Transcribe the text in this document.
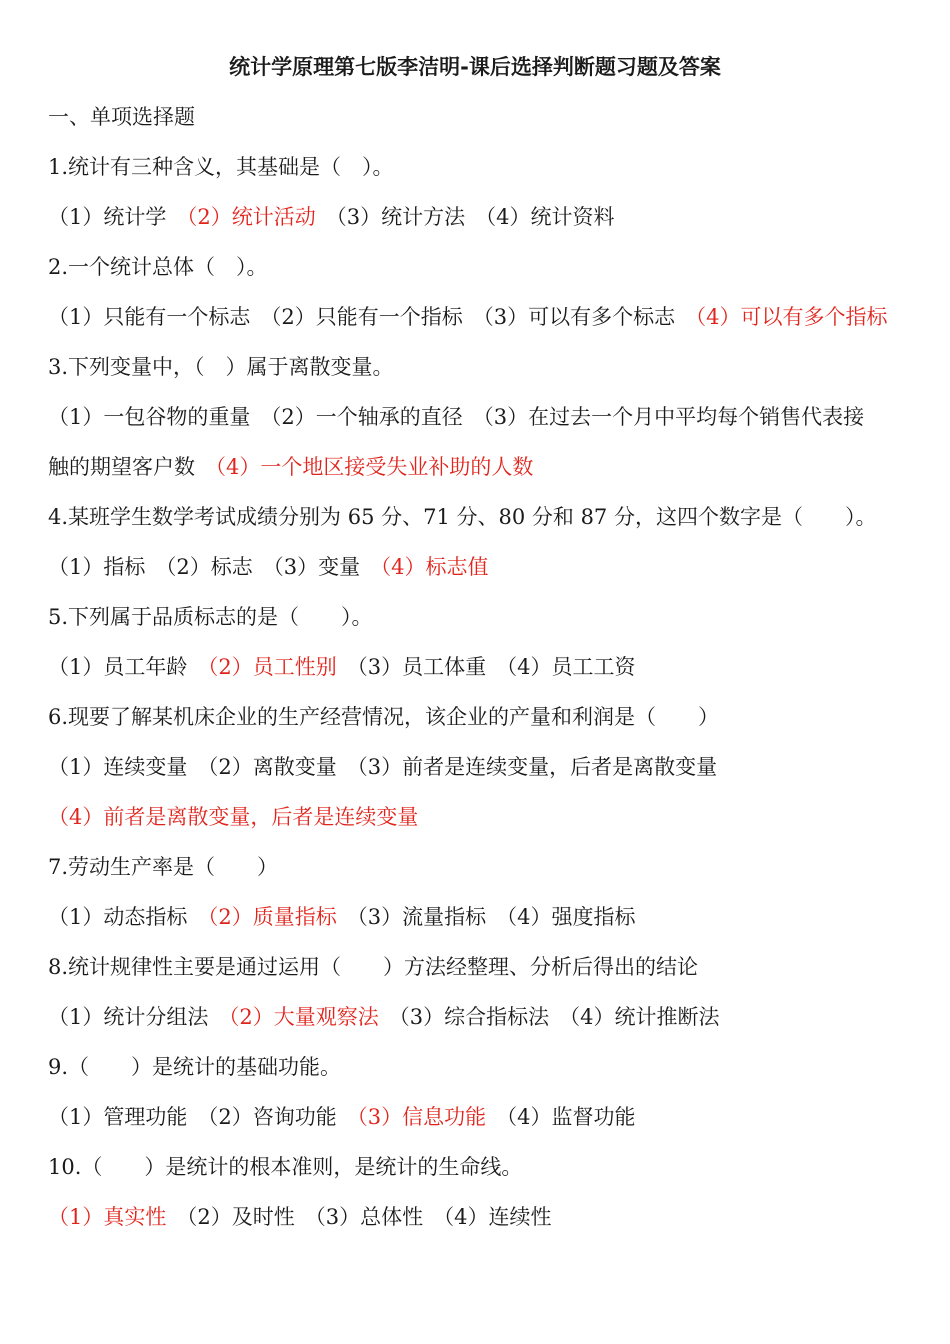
统计学原理第七版李洁明-课后选择判断题习题及答案
一、单项选择题
1.统计有三种含义，其基础是（　）。
（1）统计学 （2）统计活动 （3）统计方法 （4）统计资料
2.一个统计总体（　）。
（1）只能有一个标志 （2）只能有一个指标 （3）可以有多个标志 （4）可以有多个指标
3.下列变量中，（　）属于离散变量。
（1）一包谷物的重量 （2）一个轴承的直径 （3）在过去一个月中平均每个销售代表接
触的期望客户数 （4）一个地区接受失业补助的人数
4.某班学生数学考试成绩分别为 65 分、71 分、80 分和 87 分，这四个数字是（　　）。
（1）指标 （2）标志 （3）变量 （4）标志值
5.下列属于品质标志的是（　　）。
（1）员工年龄 （2）员工性别 （3）员工体重 （4）员工工资
6.现要了解某机床企业的生产经营情况，该企业的产量和利润是（　　）
（1）连续变量 （2）离散变量 （3）前者是连续变量，后者是离散变量
（4）前者是离散变量，后者是连续变量
7.劳动生产率是（　　）
（1）动态指标 （2）质量指标 （3）流量指标 （4）强度指标
8.统计规律性主要是通过运用（　　）方法经整理、分析后得出的结论
（1）统计分组法 （2）大量观察法 （3）综合指标法 （4）统计推断法
9.（　　）是统计的基础功能。
（1）管理功能 （2）咨询功能 （3）信息功能 （4）监督功能
10.（　　）是统计的根本准则，是统计的生命线。
（1）真实性 （2）及时性 （3）总体性 （4）连续性
